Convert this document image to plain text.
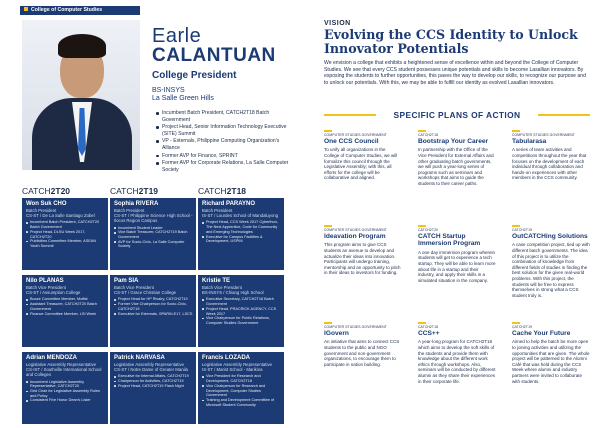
College of Computer Studies
Earle
CALANTUAN
College President
BS-INSYS
La Salle Green Hills
Incumbent Batch President, CATCH2T18 Batch Government
Project Head, Senior Information Technology Executive (SITE) Summit
VP - Externals, Philippine Computing Organization's Alliance
Former AVP for Finance, SPRINT
Former AVP for Corporate Relations, La Salle Computer Society
CATCH2T20	CATCH2T19	CATCH2T18
Won Suk CHO
Batch President
CS-ST / De La Salle Santiago Zobel
Incumbent Batch President, CATCH2T20 Batch Government
Project Head, DLSU Week 2017, CATCH2T20
Publicities Committee Member, ASEAN Youth Summit
Nilo PLANAS
Batch Vice President
CS-ST / Assumption College
Booze Committee Member, Moffat
Assistant Treasurer, CATCH2T20 Batch Government
Finance Committee Member, LSI Week
Adrian MENDOZA
Legislative Assembly Representative
CS-IST / Southville International School and Colleges
Incumbent Legislative Assembly Representative, CATCH2T20
Grid Chair for Legislative Assembly Rules and Policy
Consistent Five Honor Dean's Lister
Sophia RIVERA
Batch President
CS-ST / Philippine Science High School - Ilocos Region Campus
Incumbent Student Leader
Vice Batch Treasurer, CATCH2T19 Batch Government
AVP for Socio-Civic, La Salle Computer Society
Pam SIA
Batch Vice President
CS-ST / Grace Christian College
Project Head for HP Rivalry, CATCH2T19
Former Vice Chairperson for Socio-Civic, CATCH2T19
Executive for Externals, SPARKLE17, LSCS
Patrick NARVASA
Legislative Assembly Representative
CS-ST / Notre Dame of Greater Manila
Executive for Internal Affairs, CATCH2T19
Chairperson for Activities, CATCH2T19
Project Head, CATCH2T19 Flash Night
Richard PARAYNO
Batch President
IS-ST / Lourdes School of Mandaluyong
Project Head, CCS Week 2017 Cyberthon, The Next Apprentice, Code for Community and Emerging Technologies
Executive for Campus Facilities & Development, USPIM
Kristie TE
Batch Vice President
BS-INSYS / Chiang High School
Executive Secretary, CATCH2T18 Batch Government
Project Head, PRACRICK AGENCY, CCS Week 2017
Vice Chairperson for Public Relations, Computer Studies Government
Francis LOZADA
Legislative Assembly Representative
IS-ST / Marist School - Marikina
Vice President for Research and Development, CATCH2T18
Vice Chairperson for Research and Development, Computer Studies Government
Training and Development Committee of Microsoft Student Community
VISION
Evolving the CCS Identity to Unlock Innovator Potentials
We envision a college that exhibits a heightened sense of excellence within and beyond the College of Computer Studies. We see that every CCS student possesses unique potentials and skills to become Lasallian innovators. By exposing the students to further opportunities, this paves the way to develop our skills, to recognize our purpose and to unlock our potentials. With this, we may be able to fulfill our identity as evolved Lasallian innovators.
SPECIFIC PLANS OF ACTION
COMPUTER STUDIES GOVERNMENT
One CCS Council
To unify all organizations in the College of Computer Studies, we will formalize this council through the Legislative Assembly; with this, all efforts for the college will be collaborative and aligned.
CATCH2T18
Bootstrap Your Career
In partnership with the Office of the Vice President for External Affairs and other graduating batch governments, we will push a year-long series of programs such as seminars and workshops that aims to guide the students to their career paths.
COMPUTER STUDIES GOVERNMENT
Tabularasa
A series of team activities and competitions throughout the year that focuses on the development of each individual through collaboration and hands-on experiences with other members in the CCS community.
COMPUTER STUDIES GOVERNMENT
Ideavation Program
This program aims to give CCS students an avenue to develop and actualize their ideas into innovation. Participants will undergo training, mentorship and an opportunity to pitch in their ideas to investors for funding.
CATCH2T20
CATCH Startup Immersion Program
A one day immersion program wherein students will get to experience a tech startup. They will be able to learn more about life in a startup and their industry, and apply their skills in a simulated situation in the company.
CATCH2T19
OutCATCHing Solutions
A case competition project, tied up with different batch governments. The idea of this project is to utilize the combination of knowledge from different fields of studies in finding the best solution for the given real-world problems. With this project, the students will be free to express themselves in strong what a CCS student truly is.
COMPUTER STUDIES GOVERNMENT
IGovern
An initiative that aims to connect CCS students to the public and NGO government and non-government organizations, to encourage them to participate in nation building.
CATCH2T18
CCS++
A year-long program for CATCH2T18 which aims to develop the soft skills of the students and provide them with knowledge about the different work ethics through workshops. Also, seminars will be conducted by different alumni as they share their experiences in their corporate life.
CATCH2T19
Cache Your Future
Aimed to help the batch be more open to joining activities and utilizing the opportunities that are given. The whole project will be patterned to the Alumni Café that was held during the CCS Week where alumni and industry partners were invited to collaborate with students.
